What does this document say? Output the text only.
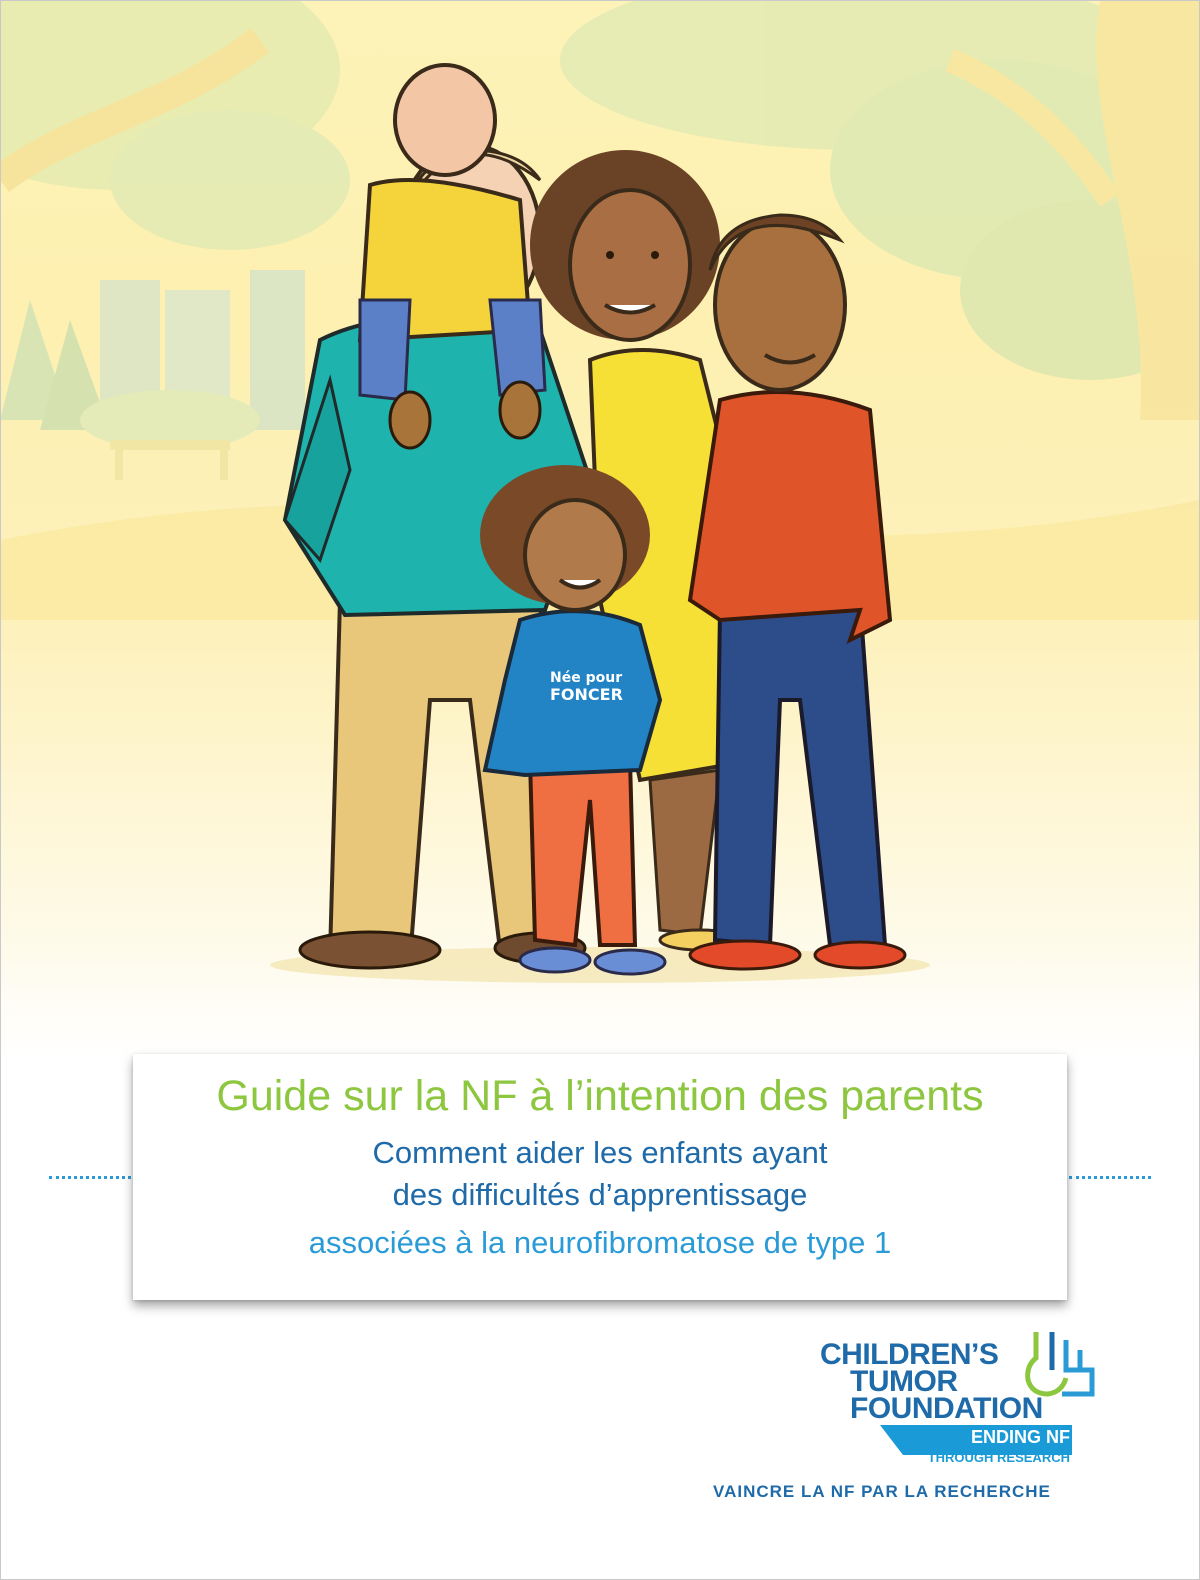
Née pour
FONCER
Guide sur la NF à l’intention des parents
Comment aider les enfants ayant
des difficultés d’apprentissage
associées à la neurofibromatose de type 1
CHILDREN’S
TUMOR
FOUNDATION
ENDING NF
THROUGH RESEARCH
VAINCRE LA NF PAR LA RECHERCHE
